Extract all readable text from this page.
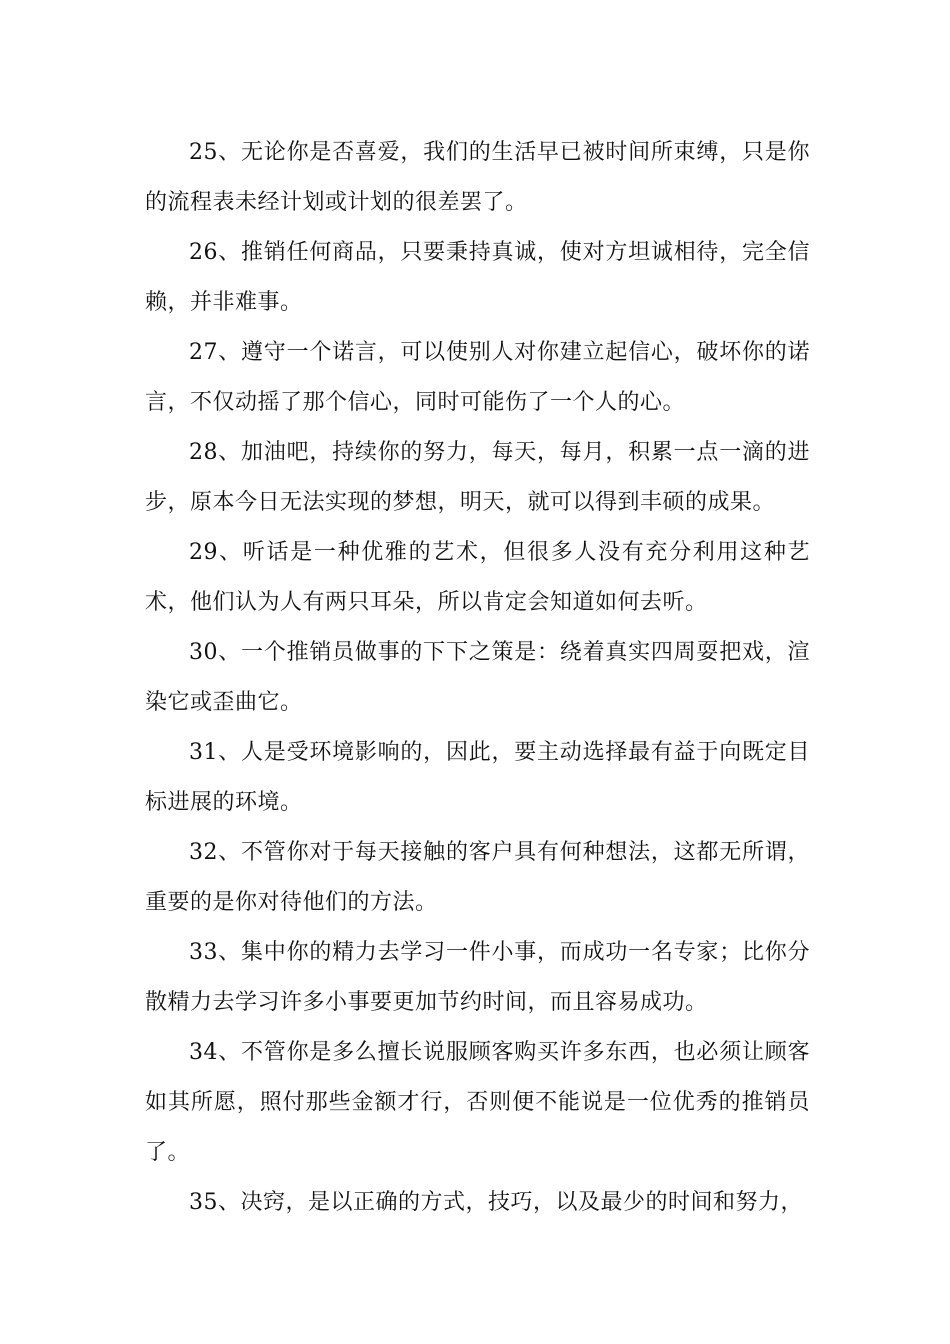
25、无论你是否喜爱，我们的生活早已被时间所束缚，只是你的流程表未经计划或计划的很差罢了。

26、推销任何商品，只要秉持真诚，使对方坦诚相待，完全信赖，并非难事。

27、遵守一个诺言，可以使别人对你建立起信心，破坏你的诺言，不仅动摇了那个信心，同时可能伤了一个人的心。

28、加油吧，持续你的努力，每天，每月，积累一点一滴的进步，原本今日无法实现的梦想，明天，就可以得到丰硕的成果。

29、听话是一种优雅的艺术，但很多人没有充分利用这种艺术，他们认为人有两只耳朵，所以肯定会知道如何去听。

30、一个推销员做事的下下之策是：绕着真实四周耍把戏，渲染它或歪曲它。

31、人是受环境影响的，因此，要主动选择最有益于向既定目标进展的环境。

32、不管你对于每天接触的客户具有何种想法，这都无所谓，重要的是你对待他们的方法。

33、集中你的精力去学习一件小事，而成功一名专家；比你分散精力去学习许多小事要更加节约时间，而且容易成功。

34、不管你是多么擅长说服顾客购买许多东西，也必须让顾客如其所愿，照付那些金额才行，否则便不能说是一位优秀的推销员了。

35、决窍，是以正确的方式，技巧，以及最少的时间和努力，
